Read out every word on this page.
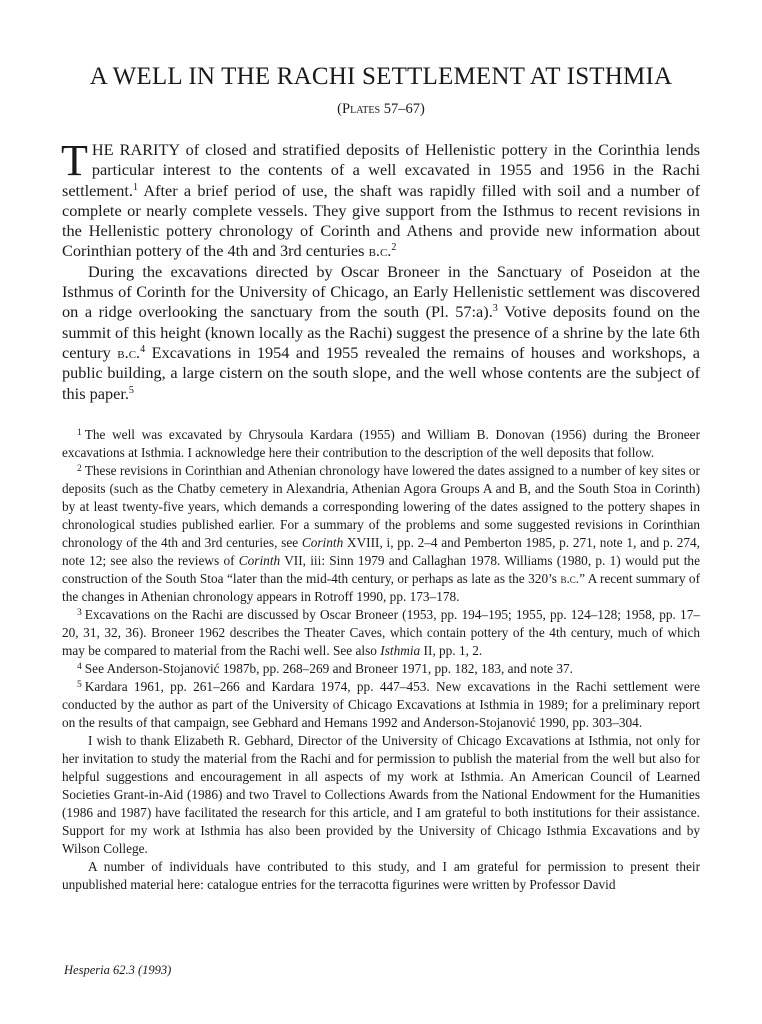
A WELL IN THE RACHI SETTLEMENT AT ISTHMIA
(Plates 57–67)

THE RARITY of closed and stratified deposits of Hellenistic pottery in the Corinthia lends particular interest to the contents of a well excavated in 1955 and 1956 in the Rachi settlement.$^1$ After a brief period of use, the shaft was rapidly filled with soil and a number of complete or nearly complete vessels. They give support from the Isthmus to recent revisions in the Hellenistic pottery chronology of Corinth and Athens and provide new information about Corinthian pottery of the 4th and 3rd centuries b.c.$^2$

During the excavations directed by Oscar Broneer in the Sanctuary of Poseidon at the Isthmus of Corinth for the University of Chicago, an Early Hellenistic settlement was discovered on a ridge overlooking the sanctuary from the south (Pl. 57:a).$^3$ Votive deposits found on the summit of this height (known locally as the Rachi) suggest the presence of a shrine by the late 6th century b.c.$^4$ Excavations in 1954 and 1955 revealed the remains of houses and workshops, a public building, a large cistern on the south slope, and the well whose contents are the subject of this paper.$^5$

$^1$ The well was excavated by Chrysoula Kardara (1955) and William B. Donovan (1956) during the Broneer excavations at Isthmia. I acknowledge here their contribution to the description of the well deposits that follow.

$^2$ These revisions in Corinthian and Athenian chronology have lowered the dates assigned to a number of key sites or deposits (such as the Chatby cemetery in Alexandria, Athenian Agora Groups A and B, and the South Stoa in Corinth) by at least twenty-five years, which demands a corresponding lowering of the dates assigned to the pottery shapes in chronological studies published earlier. For a summary of the problems and some suggested revisions in Corinthian chronology of the 4th and 3rd centuries, see Corinth XVIII, i, pp. 2–4 and Pemberton 1985, p. 271, note 1, and p. 274, note 12; see also the reviews of Corinth VII, iii: Sinn 1979 and Callaghan 1978. Williams (1980, p. 1) would put the construction of the South Stoa “later than the mid-4th century, or perhaps as late as the 320’s b.c.” A recent summary of the changes in Athenian chronology appears in Rotroff 1990, pp. 173–178.

$^3$ Excavations on the Rachi are discussed by Oscar Broneer (1953, pp. 194–195; 1955, pp. 124–128; 1958, pp. 17–20, 31, 32, 36). Broneer 1962 describes the Theater Caves, which contain pottery of the 4th century, much of which may be compared to material from the Rachi well. See also Isthmia II, pp. 1, 2.

$^4$ See Anderson-Stojanović 1987b, pp. 268–269 and Broneer 1971, pp. 182, 183, and note 37.

$^5$ Kardara 1961, pp. 261–266 and Kardara 1974, pp. 447–453. New excavations in the Rachi settlement were conducted by the author as part of the University of Chicago Excavations at Isthmia in 1989; for a preliminary report on the results of that campaign, see Gebhard and Hemans 1992 and Anderson-Stojanović 1990, pp. 303–304.

I wish to thank Elizabeth R. Gebhard, Director of the University of Chicago Excavations at Isthmia, not only for her invitation to study the material from the Rachi and for permission to publish the material from the well but also for helpful suggestions and encouragement in all aspects of my work at Isthmia. An American Council of Learned Societies Grant-in-Aid (1986) and two Travel to Collections Awards from the National Endowment for the Humanities (1986 and 1987) have facilitated the research for this article, and I am grateful to both institutions for their assistance. Support for my work at Isthmia has also been provided by the University of Chicago Isthmia Excavations and by Wilson College.

A number of individuals have contributed to this study, and I am grateful for permission to present their unpublished material here: catalogue entries for the terracotta figurines were written by Professor David

Hesperia 62.3 (1993)
